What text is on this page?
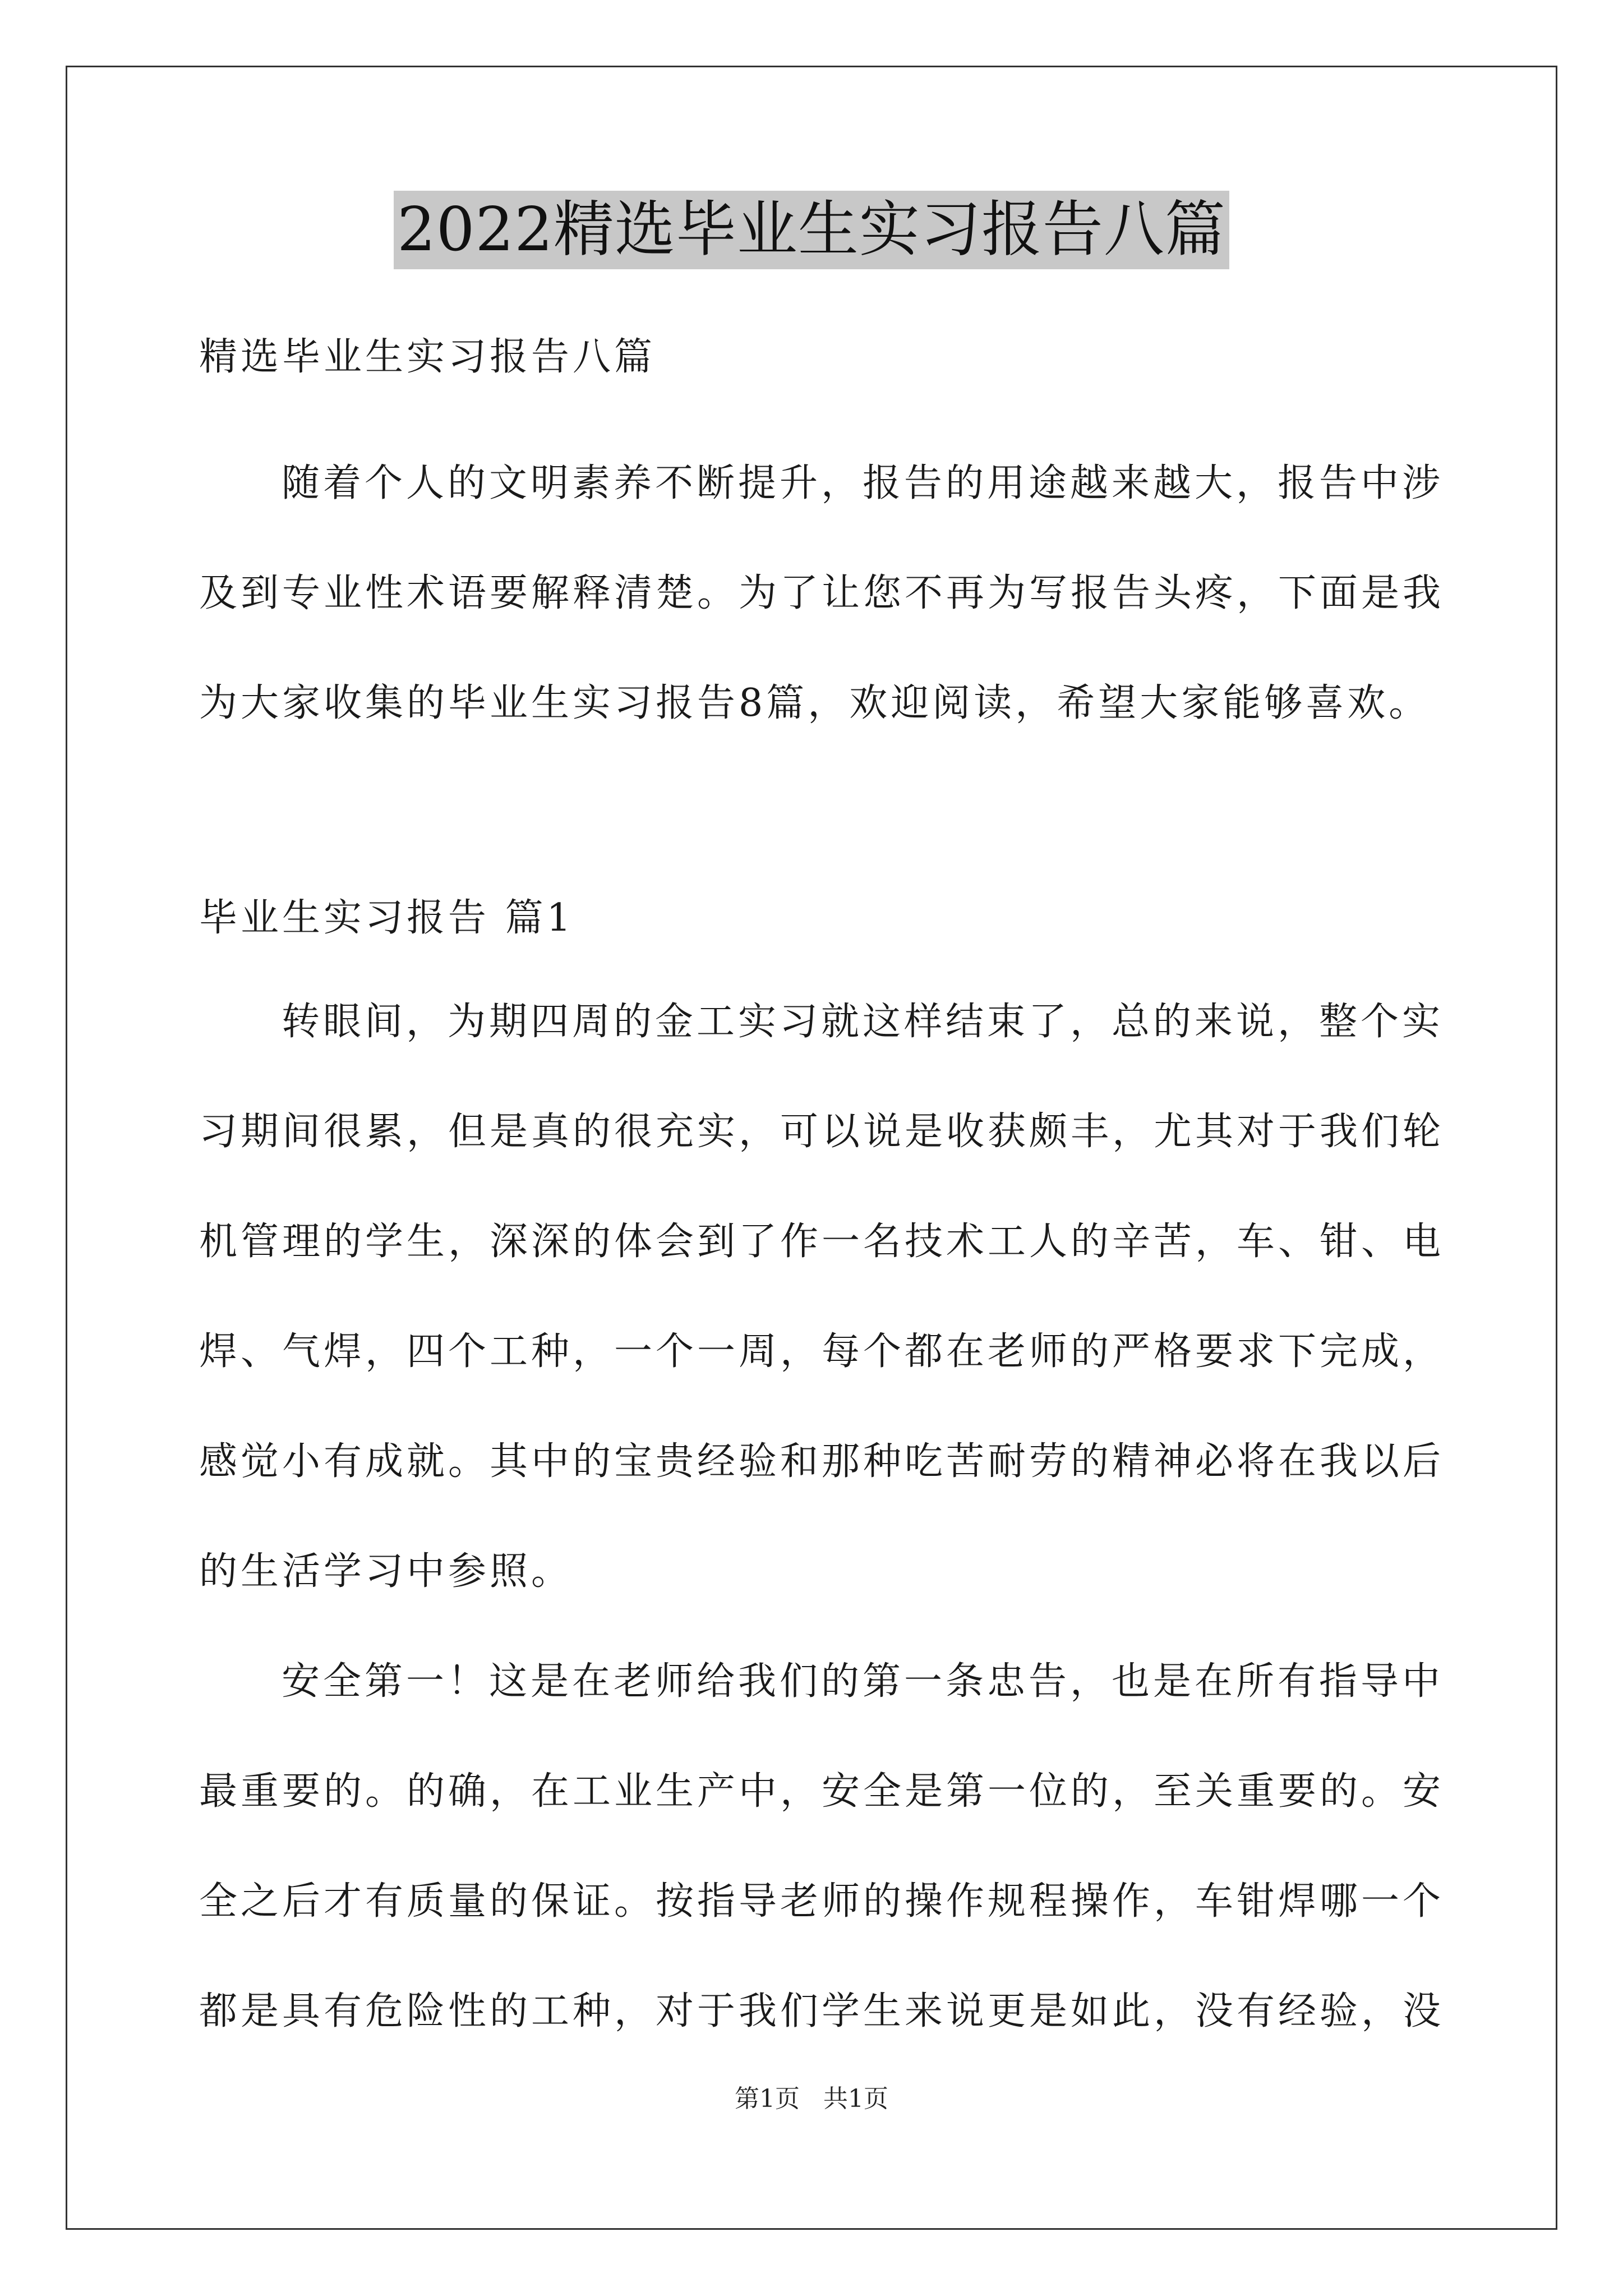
2022精选毕业生实习报告八篇
精选毕业生实习报告八篇
随着个人的文明素养不断提升，报告的用途越来越大，报告中涉
及到专业性术语要解释清楚。为了让您不再为写报告头疼，下面是我
为大家收集的毕业生实习报告8篇，欢迎阅读，希望大家能够喜欢。
毕业生实习报告 篇1
转眼间，为期四周的金工实习就这样结束了，总的来说，整个实
习期间很累，但是真的很充实，可以说是收获颇丰，尤其对于我们轮
机管理的学生，深深的体会到了作一名技术工人的辛苦，车、钳、电
焊、气焊，四个工种，一个一周，每个都在老师的严格要求下完成，
感觉小有成就。其中的宝贵经验和那种吃苦耐劳的精神必将在我以后
的生活学习中参照。
安全第一！这是在老师给我们的第一条忠告，也是在所有指导中
最重要的。的确，在工业生产中，安全是第一位的，至关重要的。安
全之后才有质量的保证。按指导老师的操作规程操作，车钳焊哪一个
都是具有危险性的工种，对于我们学生来说更是如此，没有经验，没
第1页 共1页
